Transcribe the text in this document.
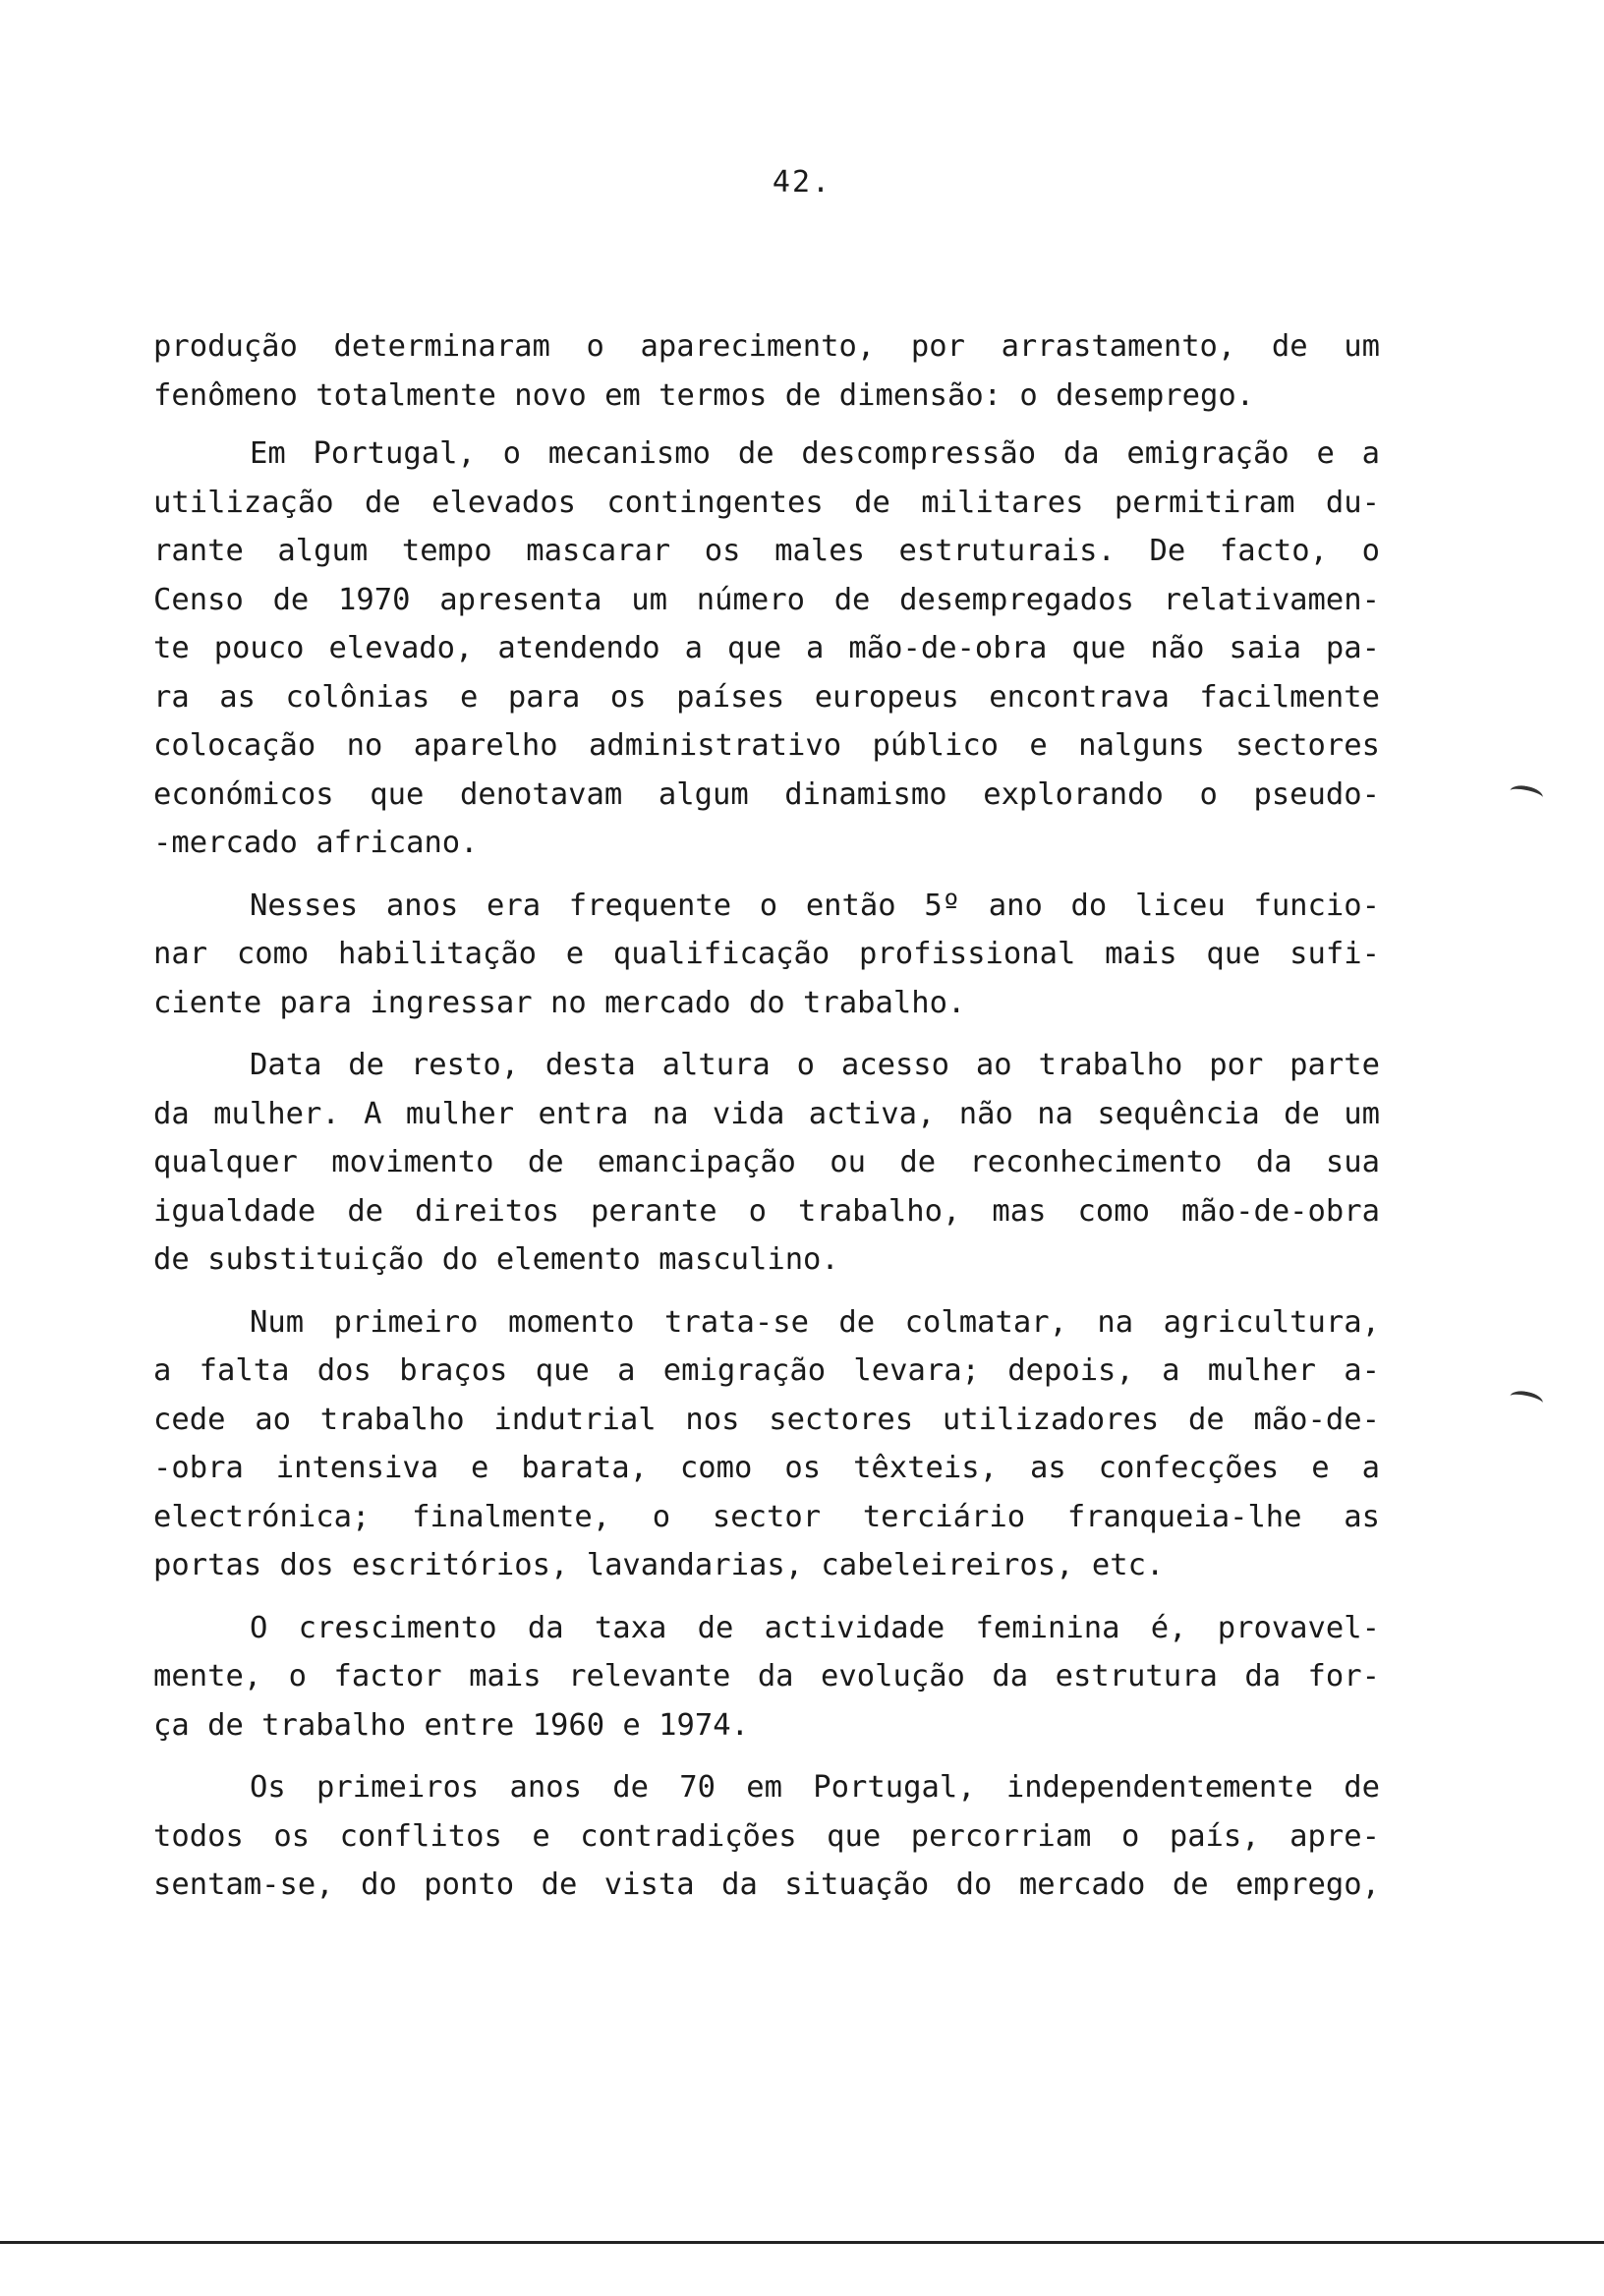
42.
produção determinaram o aparecimento, por arrastamento, de um
fenômeno totalmente novo em termos de dimensão: o desemprego.
Em Portugal, o mecanismo de descompressão da emigração e a
utilização de elevados contingentes de militares permitiram du-
rante algum tempo mascarar os males estruturais. De facto, o
Censo de 1970 apresenta um número de desempregados relativamen-
te pouco elevado, atendendo a que a mão-de-obra que não saia pa-
ra as colônias e para os países europeus encontrava facilmente
colocação no aparelho administrativo público e nalguns sectores
económicos que denotavam algum dinamismo explorando o pseudo-
-mercado africano.
Nesses anos era frequente o então 5º ano do liceu funcio-
nar como habilitação e qualificação profissional mais que sufi-
ciente para ingressar no mercado do trabalho.
Data de resto, desta altura o acesso ao trabalho por parte
da mulher. A mulher entra na vida activa, não na sequência de um
qualquer movimento de emancipação ou de reconhecimento da sua
igualdade de direitos perante o trabalho, mas como mão-de-obra
de substituição do elemento masculino.
Num primeiro momento trata-se de colmatar, na agricultura,
a falta dos braços que a emigração levara; depois, a mulher a-
cede ao trabalho indutrial nos sectores utilizadores de mão-de-
-obra intensiva e barata, como os têxteis, as confecções e a
electrónica; finalmente, o sector terciário franqueia-lhe as
portas dos escritórios, lavandarias, cabeleireiros, etc.
O crescimento da taxa de actividade feminina é, provavel-
mente, o factor mais relevante da evolução da estrutura da for-
ça de trabalho entre 1960 e 1974.
Os primeiros anos de 70 em Portugal, independentemente de
todos os conflitos e contradições que percorriam o país, apre-
sentam-se, do ponto de vista da situação do mercado de emprego,
